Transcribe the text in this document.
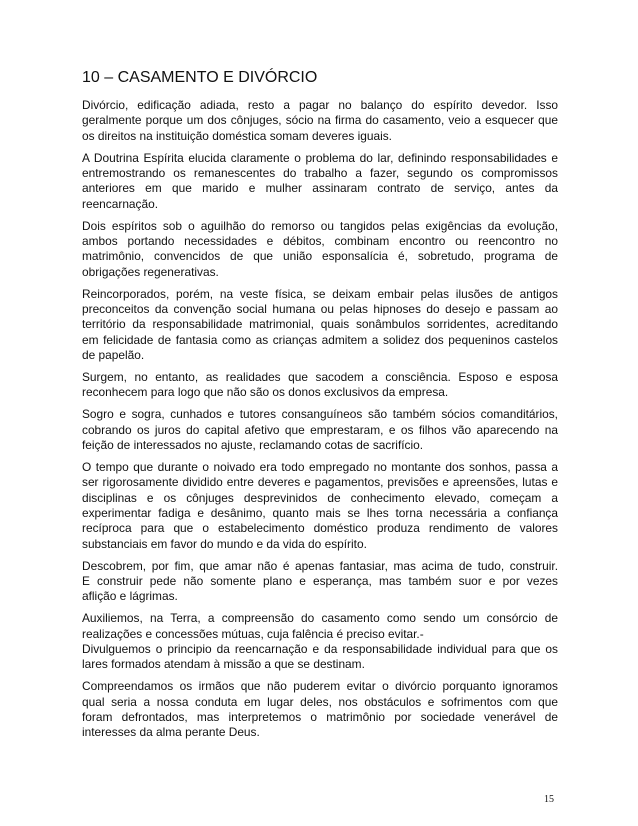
10 – CASAMENTO E DIVÓRCIO
Divórcio, edificação adiada, resto a pagar no balanço do espírito devedor. Isso
geralmente porque um dos cônjuges, sócio na firma do casamento, veio a esquecer que
os direitos na instituição doméstica somam deveres iguais.
A Doutrina Espírita elucida claramente o problema do lar, definindo responsabilidades e
entremostrando os remanescentes do trabalho a fazer, segundo os compromissos
anteriores em que marido e mulher assinaram contrato de serviço, antes da
reencarnação.
Dois espíritos sob o aguilhão do remorso ou tangidos pelas exigências da evolução,
ambos portando necessidades e débitos, combinam encontro ou reencontro no
matrimônio, convencidos de que união esponsalícia é, sobretudo, programa de
obrigações regenerativas.
Reincorporados, porém, na veste física, se deixam embair pelas ilusões de antigos
preconceitos da convenção social humana ou pelas hipnoses do desejo e passam ao
território da responsabilidade matrimonial, quais sonâmbulos sorridentes, acreditando
em felicidade de fantasia como as crianças admitem a solidez dos pequeninos castelos
de papelão.
Surgem, no entanto, as realidades que sacodem a consciência. Esposo e esposa
reconhecem para logo que não são os donos exclusivos da empresa.
Sogro e sogra, cunhados e tutores consanguíneos são também sócios comanditários,
cobrando os juros do capital afetivo que emprestaram, e os filhos vão aparecendo na
feição de interessados no ajuste, reclamando cotas de sacrifício.
O tempo que durante o noivado era todo empregado no montante dos sonhos, passa a
ser rigorosamente dividido entre deveres e pagamentos, previsões e apreensões, lutas e
disciplinas e os cônjuges desprevinidos de conhecimento elevado, começam a
experimentar fadiga e desânimo, quanto mais se lhes torna necessária a confiança
recíproca para que o estabelecimento doméstico produza rendimento de valores
substanciais em favor do mundo e da vida do espírito.
Descobrem, por fim, que amar não é apenas fantasiar, mas acima de tudo, construir.
E construir pede não somente plano e esperança, mas também suor e por vezes
aflição e lágrimas.
Auxiliemos, na Terra, a compreensão do casamento como sendo um consórcio de
realizações e concessões mútuas, cuja falência é preciso evitar.-
Divulguemos o principio da reencarnação e da responsabilidade individual para que os
lares formados atendam à missão a que se destinam.
Compreendamos os irmãos que não puderem evitar o divórcio porquanto ignoramos
qual seria a nossa conduta em lugar deles, nos obstáculos e sofrimentos com que
foram defrontados, mas interpretemos o matrimônio por sociedade venerável de
interesses da alma perante Deus.
15
